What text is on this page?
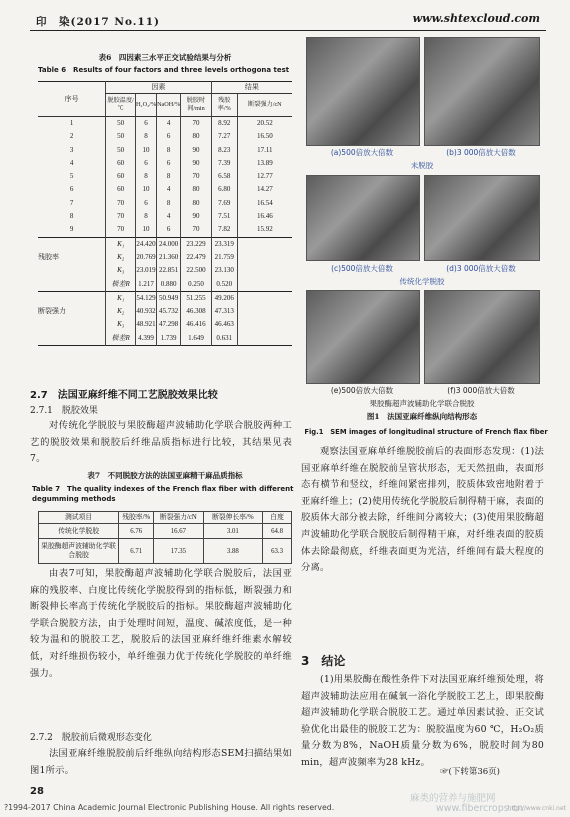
印　染(2017 No.11)	www.shtexcloud.com
表6　四因素三水平正交试验结果与分析
Table 6　Results of four factors and three levels orthogona test
序号	因素				结果	
	脱胶温度/℃	H₂O₂/%	NaOH/%	脱胶时间/min	残胶率/%	断裂强力/cN
1	50	6	4	70	8.92	20.52
2	50	8	6	80	7.27	16.50
3	50	10	8	90	8.23	17.11
4	60	6	6	90	7.39	13.89
5	60	8	8	70	6.58	12.77
6	60	10	4	80	6.80	14.27
7	70	6	8	80	7.69	16.54
8	70	8	4	90	7.51	16.46
9	70	10	6	70	7.82	15.92
	K₁	24.420	24.000	23.229	23.319	
残胶率	K₂	20.769	21.360	22.479	21.759	
	K₃	23.019	22.851	22.500	23.130	
	极差R	1.217	0.880	0.250	0.520	
	K₁	54.129	50.949	51.255	49.206	
断裂强力	K₂	40.932	45.732	46.308	47.313	
	K₃	48.921	47.298	46.416	46.463	
	极差R	4.399	1.739	1.649	0.631	
2.7　法国亚麻纤维不同工艺脱胶效果比较
2.7.1　脱胶效果
对传统化学脱胶与果胶酶超声波辅助化学联合脱胶两种工艺的脱胶效果和脱胶后纤维品质指标进行比较，其结果见表7。
表7　不同脱胶方法的法国亚麻精干麻品质指标
Table 7　The quality indexes of the French flax fiber with different degumming methods
测试项目	残胶率/%	断裂强力/cN	断裂伸长率/%	白度
传统化学脱胶	6.76	16.67	3.01	64.8
果胶酶超声波辅助化学联合脱胶	6.71	17.35	3.88	63.3
由表7可知，果胶酶超声波辅助化学联合脱胶后，法国亚麻的残胶率、白度比传统化学脱胶得到的指标低，断裂强力和断裂伸长率高于传统化学脱胶后的指标。果胶酶超声波辅助化学联合脱胶方法，由于处理时间短，温度、碱浓度低，是一种较为温和的脱胶工艺，脱胶后的法国亚麻纤维纤维素水解较低，对纤维损伤较小，单纤维强力优于传统化学脱胶的单纤维强力。
2.7.2　脱胶前后微观形态变化
法国亚麻纤维脱胶前后纤维纵向结构形态SEM扫描结果如图1所示。
28
(a)500倍放大倍数	(b)3 000倍放大倍数
未脱胶
(c)500倍放大倍数	(d)3 000倍放大倍数
传统化学脱胶
(e)500倍放大倍数	(f)3 000倍放大倍数
果胶酶超声波辅助化学联合脱胶
图1　法国亚麻纤维纵向结构形态
Fig.1　SEM images of longitudinal structure of French flax fiber
观察法国亚麻单纤维脱胶前后的表面形态发现：(1)法国亚麻单纤维在脱胶前呈管状形态，无天然扭曲，表面形态有横节和竖纹，纤维间紧密排列，胶质体致密地附着于亚麻纤维上；(2)使用传统化学脱胶后制得精干麻，表面的胶质体大部分被去除，纤维间分离较大；(3)使用果胶酶超声波辅助化学联合脱胶后制得精干麻，对纤维表面的胶质体去除最彻底，纤维表面更为光洁，纤维间有最大程度的分离。
3　结论
(1)用果胶酶在酸性条件下对法国亚麻纤维预处理，将超声波辅助法应用在碱氧一浴化学脱胶工艺上，即果胶酶超声波辅助化学联合脱胶工艺。通过单因素试验、正交试验优化出最佳的脱胶工艺为：脱胶温度为60 ℃，H₂O₂质量分数为8%，NaOH质量分数为6%，脱胶时间为80 min，超声波频率为28 kHz。
☞(下转第36页)
?1994-2017 China Academic Journal Electronic Publishing House. All rights reserved.
麻类的营养与施肥网
www.fibercrops.cn
http://www.cnki.net
